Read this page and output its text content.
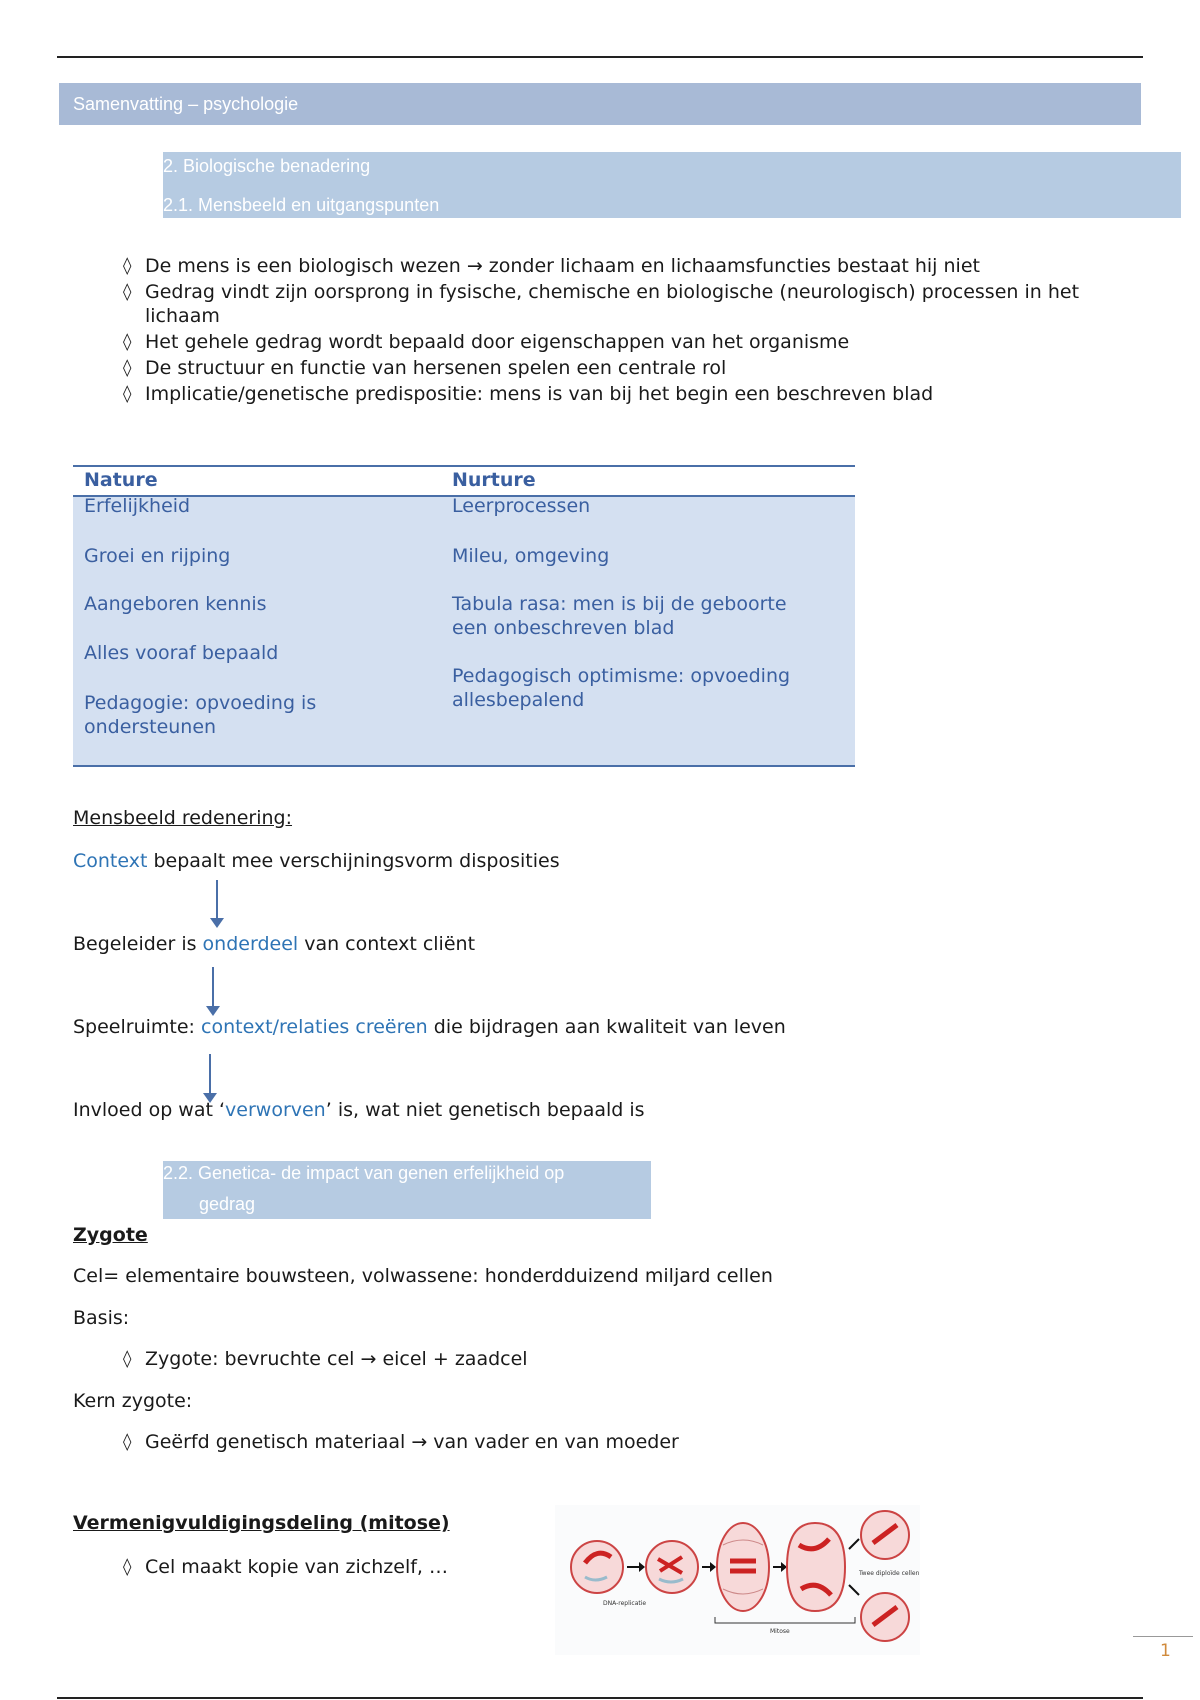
Samenvatting – psychologie
2. Biologische benadering
2.1. Mensbeeld en uitgangspunten
◊ De mens is een biologisch wezen → zonder lichaam en lichaamsfuncties bestaat hij niet
◊ Gedrag vindt zijn oorsprong in fysische, chemische en biologische (neurologisch) processen in het lichaam
◊ Het gehele gedrag wordt bepaald door eigenschappen van het organisme
◊ De structuur en functie van hersenen spelen een centrale rol
◊ Implicatie/genetische predispositie: mens is van bij het begin een beschreven blad
Nature	Nurture
Erfelijkheid
Groei en rijping
Aangeboren kennis
Alles vooraf bepaald
Pedagogie: opvoeding is ondersteunen
Leerprocessen
Mileu, omgeving
Tabula rasa: men is bij de geboorte een onbeschreven blad
Pedagogisch optimisme: opvoeding allesbepalend
Mensbeeld redenering:
Context bepaalt mee verschijningsvorm disposities
Begeleider is onderdeel van context cliënt
Speelruimte: context/relaties creëren die bijdragen aan kwaliteit van leven
Invloed op wat ‘verworven’ is, wat niet genetisch bepaald is
2.2. Genetica- de impact van genen erfelijkheid op
gedrag
Zygote
Cel= elementaire bouwsteen, volwassene: honderdduizend miljard cellen
Basis:
◊ Zygote: bevruchte cel → eicel + zaadcel
Kern zygote:
◊ Geërfd genetisch materiaal → van vader en van moeder
Vermenigvuldigingsdeling (mitose)
◊ Cel maakt kopie van zichzelf, …
DNA-replicatie
Twee diploïde cellen
Mitose
1
